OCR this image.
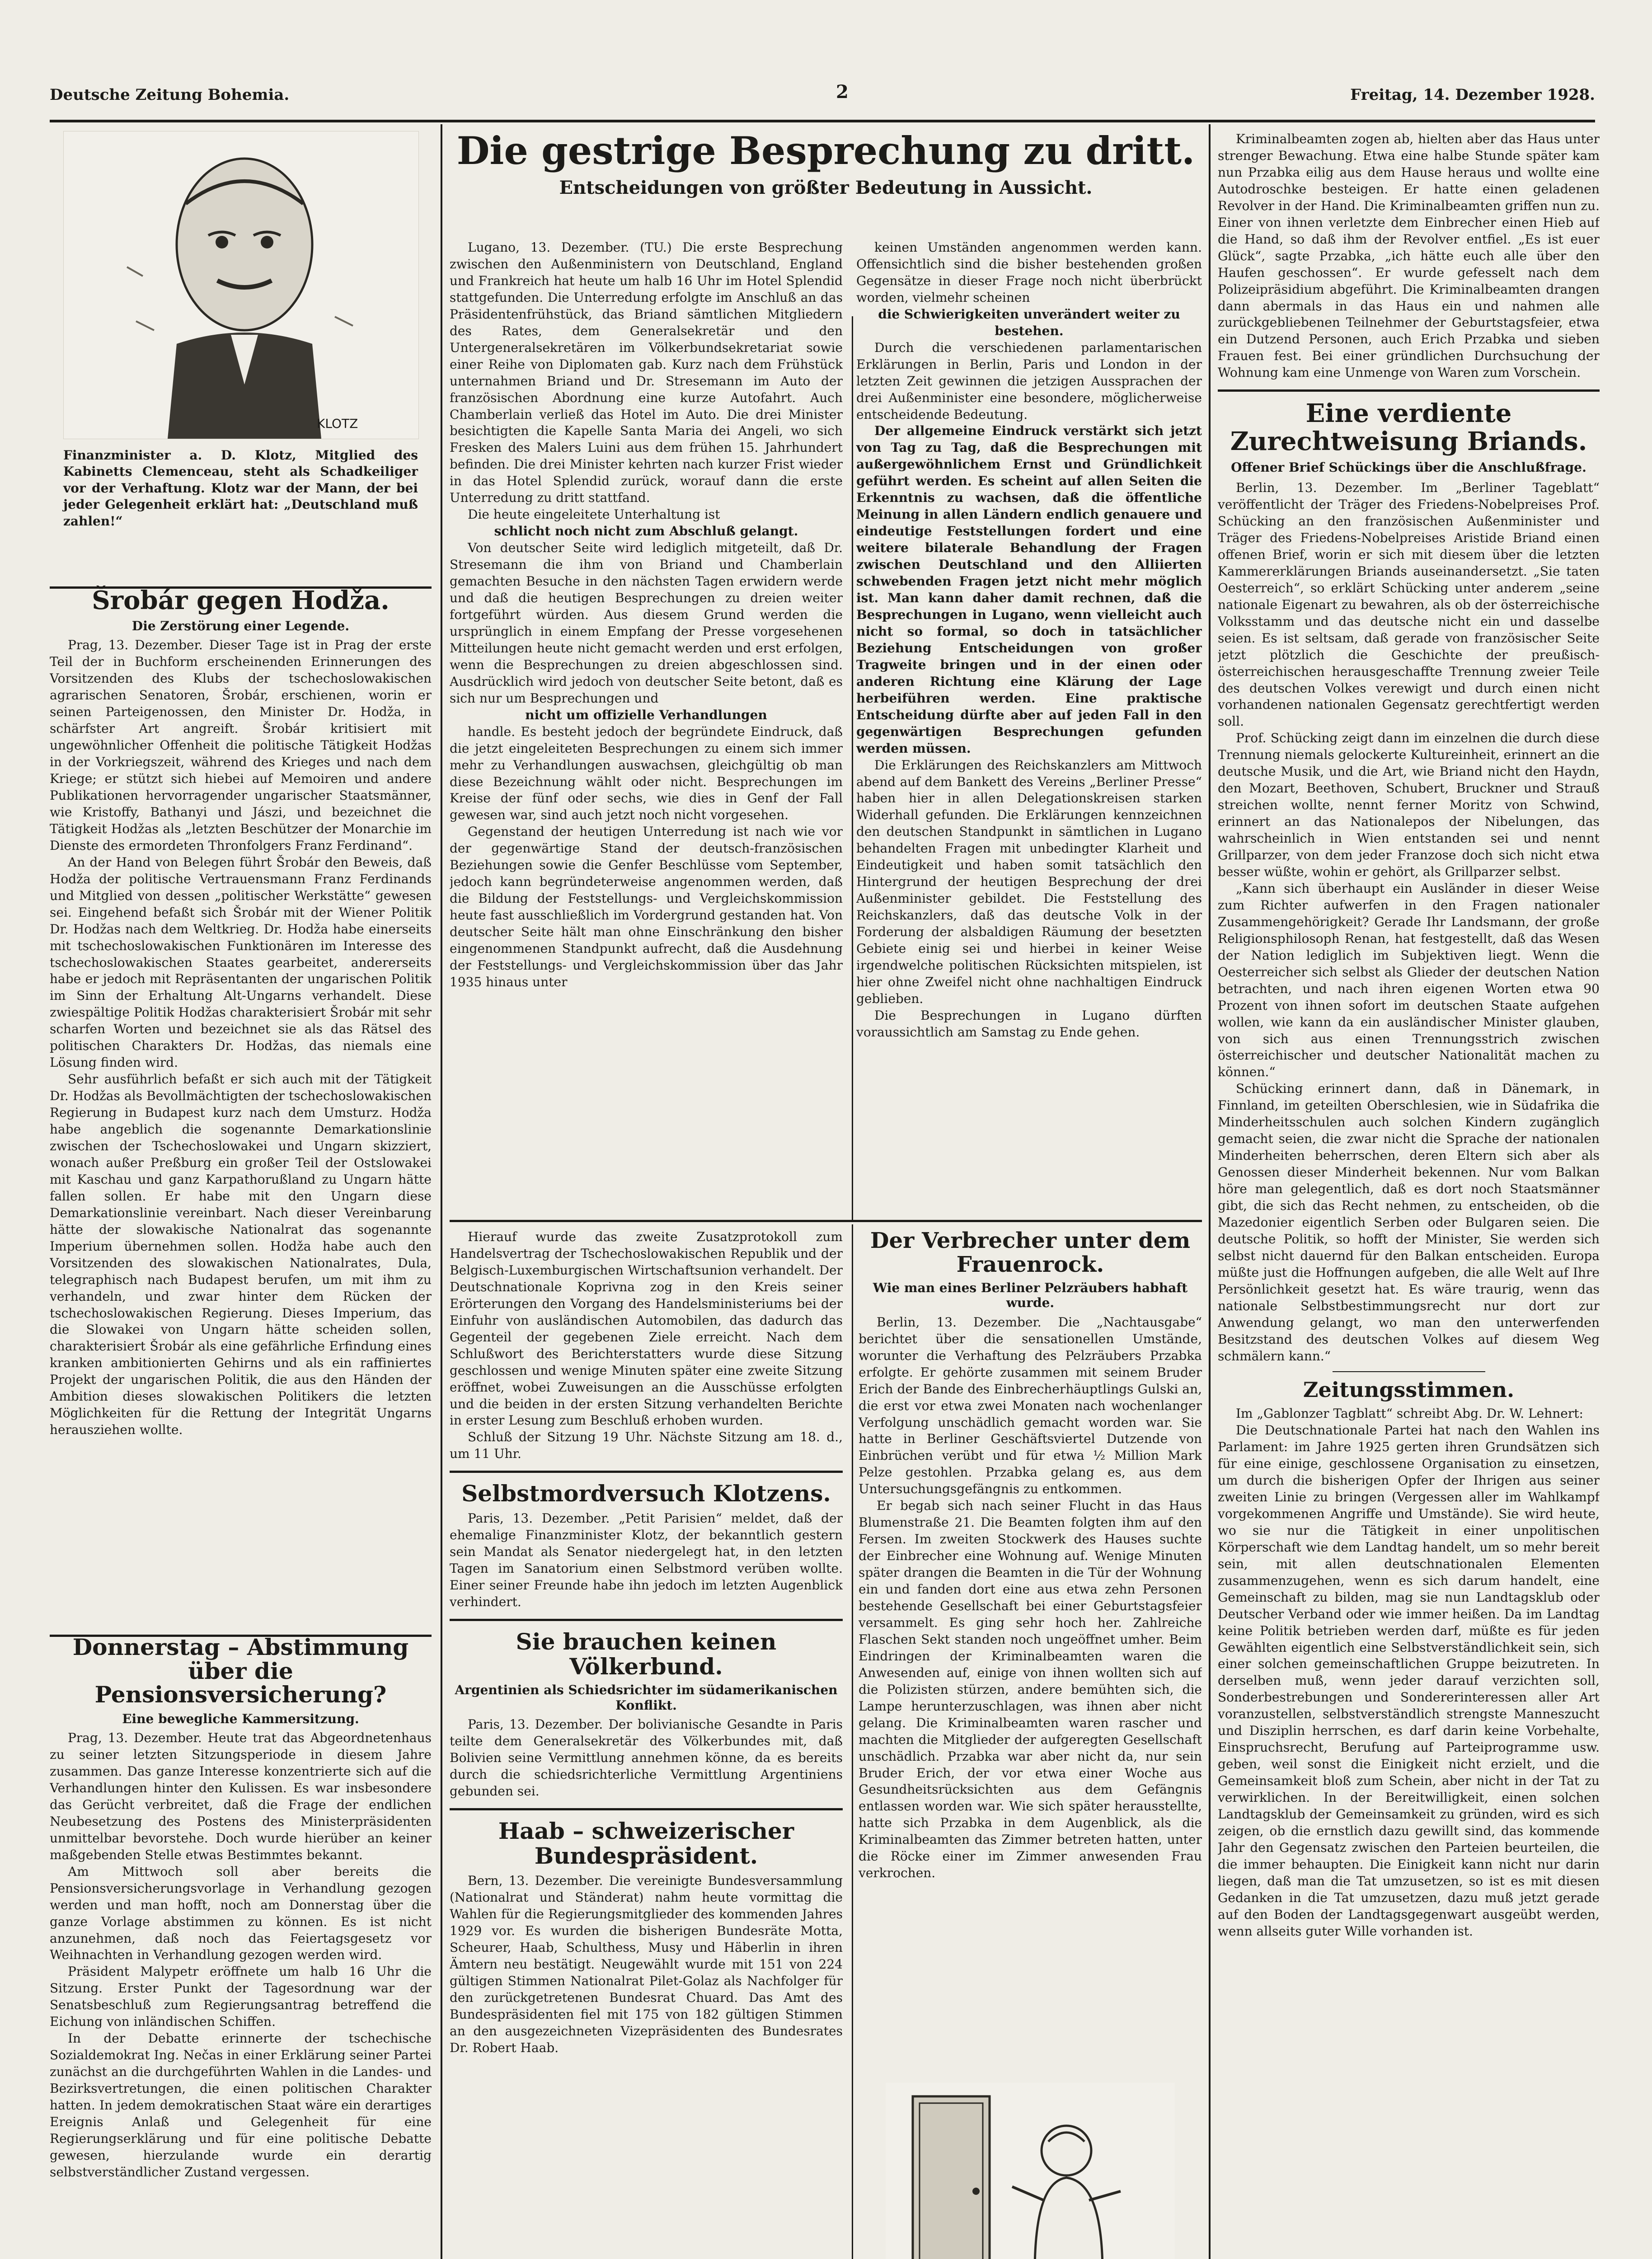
Deutsche Zeitung Bohemia.	2	Freitag, 14. Dezember 1928.
KLOTZ
Finanzminister a. D. Klotz, Mitglied des Kabinetts Clemenceau, steht als Schadkeiliger vor der Verhaftung. Klotz war der Mann, der bei jeder Gelegenheit erklärt hat: „Deutschland muß zahlen!“
Šrobár gegen Hodža.
Die Zerstörung einer Legende.

Prag, 13. Dezember. Dieser Tage ist in Prag der erste Teil der in Buchform erscheinenden Erinnerungen des Vorsitzenden des Klubs der tschechoslowakischen agrarischen Senatoren, Šrobár, erschienen, worin er seinen Parteigenossen, den Minister Dr. Hodža, in schärfster Art angreift. Šrobár kritisiert mit ungewöhnlicher Offenheit die politische Tätigkeit Hodžas in der Vorkriegszeit, während des Krieges und nach dem Kriege; er stützt sich hiebei auf Memoiren und andere Publikationen hervorragender ungarischer Staatsmänner, wie Kristoffy, Bathanyi und Jászi, und bezeichnet die Tätigkeit Hodžas als „letzten Beschützer der Monarchie im Dienste des ermordeten Thronfolgers Franz Ferdinand“.

An der Hand von Belegen führt Šrobár den Beweis, daß Hodža der politische Vertrauensmann Franz Ferdinands und Mitglied von dessen „politischer Werkstätte“ gewesen sei. Eingehend befaßt sich Šrobár mit der Wiener Politik Dr. Hodžas nach dem Weltkrieg. Dr. Hodža habe einerseits mit tschechoslowakischen Funktionären im Interesse des tschechoslowakischen Staates gearbeitet, andererseits habe er jedoch mit Repräsentanten der ungarischen Politik im Sinn der Erhaltung Alt-Ungarns verhandelt. Diese zwiespältige Politik Hodžas charakterisiert Šrobár mit sehr scharfen Worten und bezeichnet sie als das Rätsel des politischen Charakters Dr. Hodžas, das niemals eine Lösung finden wird.

Sehr ausführlich befaßt er sich auch mit der Tätigkeit Dr. Hodžas als Bevollmächtigten der tschechoslowakischen Regierung in Budapest kurz nach dem Umsturz. Hodža habe angeblich die sogenannte Demarkationslinie zwischen der Tschechoslowakei und Ungarn skizziert, wonach außer Preßburg ein großer Teil der Ostslowakei mit Kaschau und ganz Karpathorußland zu Ungarn hätte fallen sollen. Er habe mit den Ungarn diese Demarkationslinie vereinbart. Nach dieser Vereinbarung hätte der slowakische Nationalrat das sogenannte Imperium übernehmen sollen. Hodža habe auch den Vorsitzenden des slowakischen Nationalrates, Dula, telegraphisch nach Budapest berufen, um mit ihm zu verhandeln, und zwar hinter dem Rücken der tschechoslowakischen Regierung. Dieses Imperium, das die Slowakei von Ungarn hätte scheiden sollen, charakterisiert Šrobár als eine gefährliche Erfindung eines kranken ambitionierten Gehirns und als ein raffiniertes Projekt der ungarischen Politik, die aus den Händen der Ambition dieses slowakischen Politikers die letzten Möglichkeiten für die Rettung der Integrität Ungarns herausziehen wollte.

Donnerstag – Abstimmung über die Pensionsversicherung?
Eine bewegliche Kammersitzung.

Prag, 13. Dezember. Heute trat das Abgeordnetenhaus zu seiner letzten Sitzungsperiode in diesem Jahre zusammen. Das ganze Interesse konzentrierte sich auf die Verhandlungen hinter den Kulissen. Es war insbesondere das Gerücht verbreitet, daß die Frage der endlichen Neubesetzung des Postens des Ministerpräsidenten unmittelbar bevorstehe. Doch wurde hierüber an keiner maßgebenden Stelle etwas Bestimmtes bekannt.

Am Mittwoch soll aber bereits die Pensionsversicherungsvorlage in Verhandlung gezogen werden und man hofft, noch am Donnerstag über die ganze Vorlage abstimmen zu können. Es ist nicht anzunehmen, daß noch das Feiertagsgesetz vor Weihnachten in Verhandlung gezogen werden wird.

Präsident Malypetr eröffnete um halb 16 Uhr die Sitzung. Erster Punkt der Tagesordnung war der Senatsbeschluß zum Regierungsantrag betreffend die Eichung von inländischen Schiffen.

In der Debatte erinnerte der tschechische Sozialdemokrat Ing. Nečas in einer Erklärung seiner Partei zunächst an die durchgeführten Wahlen in die Landes- und Bezirksvertretungen, die einen politischen Charakter hatten. In jedem demokratischen Staat wäre ein derartiges Ereignis Anlaß und Gelegenheit für eine Regierungserklärung und für eine politische Debatte gewesen, hierzulande wurde ein derartig selbstverständlicher Zustand vergessen.

Die gestrige Besprechung zu dritt.
Entscheidungen von größter Bedeutung in Aussicht.

Lugano, 13. Dezember. (TU.) Die erste Besprechung zwischen den Außenministern von Deutschland, England und Frankreich hat heute um halb 16 Uhr im Hotel Splendid stattgefunden. Die Unterredung erfolgte im Anschluß an das Präsidentenfrühstück, das Briand sämtlichen Mitgliedern des Rates, dem Generalsekretär und den Untergeneralsekretären im Völkerbundsekretariat sowie einer Reihe von Diplomaten gab. Kurz nach dem Frühstück unternahmen Briand und Dr. Stresemann im Auto der französischen Abordnung eine kurze Autofahrt. Auch Chamberlain verließ das Hotel im Auto. Die drei Minister besichtigten die Kapelle Santa Maria dei Angeli, wo sich Fresken des Malers Luini aus dem frühen 15. Jahrhundert befinden. Die drei Minister kehrten nach kurzer Frist wieder in das Hotel Splendid zurück, worauf dann die erste Unterredung zu dritt stattfand.

Die heute eingeleitete Unterhaltung ist

schlicht noch nicht zum Abschluß gelangt.

Von deutscher Seite wird lediglich mitgeteilt, daß Dr. Stresemann die ihm von Briand und Chamberlain gemachten Besuche in den nächsten Tagen erwidern werde und daß die heutigen Besprechungen zu dreien weiter fortgeführt würden. Aus diesem Grund werden die ursprünglich in einem Empfang der Presse vorgesehenen Mitteilungen heute nicht gemacht werden und erst erfolgen, wenn die Besprechungen zu dreien abgeschlossen sind. Ausdrücklich wird jedoch von deutscher Seite betont, daß es sich nur um Besprechungen und

nicht um offizielle Verhandlungen

handle. Es besteht jedoch der begründete Eindruck, daß die jetzt eingeleiteten Besprechungen zu einem sich immer mehr zu Verhandlungen auswachsen, gleichgültig ob man diese Bezeichnung wählt oder nicht. Besprechungen im Kreise der fünf oder sechs, wie dies in Genf der Fall gewesen war, sind auch jetzt noch nicht vorgesehen.

Gegenstand der heutigen Unterredung ist nach wie vor der gegenwärtige Stand der deutsch-französischen Beziehungen sowie die Genfer Beschlüsse vom September, jedoch kann begründeterweise angenommen werden, daß die Bildung der Feststellungs- und Vergleichskommission heute fast ausschließlich im Vordergrund gestanden hat. Von deutscher Seite hält man ohne Einschränkung den bisher eingenommenen Standpunkt aufrecht, daß die Ausdehnung der Feststellungs- und Vergleichskommission über das Jahr 1935 hinaus unter

keinen Umständen angenommen werden kann. Offensichtlich sind die bisher bestehenden großen Gegensätze in dieser Frage noch nicht überbrückt worden, vielmehr scheinen

die Schwierigkeiten unverändert weiter zu bestehen.

Durch die verschiedenen parlamentarischen Erklärungen in Berlin, Paris und London in der letzten Zeit gewinnen die jetzigen Aussprachen der drei Außenminister eine besondere, möglicherweise entscheidende Bedeutung.

Der allgemeine Eindruck verstärkt sich jetzt von Tag zu Tag, daß die Besprechungen mit außergewöhnlichem Ernst und Gründlichkeit geführt werden. Es scheint auf allen Seiten die Erkenntnis zu wachsen, daß die öffentliche Meinung in allen Ländern endlich genauere und eindeutige Feststellungen fordert und eine weitere bilaterale Behandlung der Fragen zwischen Deutschland und den Alliierten schwebenden Fragen jetzt nicht mehr möglich ist. Man kann daher damit rechnen, daß die Besprechungen in Lugano, wenn vielleicht auch nicht so formal, so doch in tatsächlicher Beziehung Entscheidungen von großer Tragweite bringen und in der einen oder anderen Richtung eine Klärung der Lage herbeiführen werden. Eine praktische Entscheidung dürfte aber auf jeden Fall in den gegenwärtigen Besprechungen gefunden werden müssen.

Die Erklärungen des Reichskanzlers am Mittwoch abend auf dem Bankett des Vereins „Berliner Presse“ haben hier in allen Delegationskreisen starken Widerhall gefunden. Die Erklärungen kennzeichnen den deutschen Standpunkt in sämtlichen in Lugano behandelten Fragen mit unbedingter Klarheit und Eindeutigkeit und haben somit tatsächlich den Hintergrund der heutigen Besprechung der drei Außenminister gebildet. Die Feststellung des Reichskanzlers, daß das deutsche Volk in der Forderung der alsbaldigen Räumung der besetzten Gebiete einig sei und hierbei in keiner Weise irgendwelche politischen Rücksichten mitspielen, ist hier ohne Zweifel nicht ohne nachhaltigen Eindruck geblieben.

Die Besprechungen in Lugano dürften voraussichtlich am Samstag zu Ende gehen.

Hierauf wurde das zweite Zusatzprotokoll zum Handelsvertrag der Tschechoslowakischen Republik und der Belgisch-Luxemburgischen Wirtschaftsunion verhandelt. Der Deutschnationale Koprivna zog in den Kreis seiner Erörterungen den Vorgang des Handelsministeriums bei der Einfuhr von ausländischen Automobilen, das dadurch das Gegenteil der gegebenen Ziele erreicht. Nach dem Schlußwort des Berichterstatters wurde diese Sitzung geschlossen und wenige Minuten später eine zweite Sitzung eröffnet, wobei Zuweisungen an die Ausschüsse erfolgten und die beiden in der ersten Sitzung verhandelten Berichte in erster Lesung zum Beschluß erhoben wurden.

Schluß der Sitzung 19 Uhr. Nächste Sitzung am 18. d., um 11 Uhr.

Selbstmordversuch Klotzens.

Paris, 13. Dezember. „Petit Parisien“ meldet, daß der ehemalige Finanzminister Klotz, der bekanntlich gestern sein Mandat als Senator niedergelegt hat, in den letzten Tagen im Sanatorium einen Selbstmord verüben wollte. Einer seiner Freunde habe ihn jedoch im letzten Augenblick verhindert.

Sie brauchen keinen Völkerbund.
Argentinien als Schiedsrichter im südamerikanischen Konflikt.

Paris, 13. Dezember. Der bolivianische Gesandte in Paris teilte dem Generalsekretär des Völkerbundes mit, daß Bolivien seine Vermittlung annehmen könne, da es bereits durch die schiedsrichterliche Vermittlung Argentiniens gebunden sei.

Haab – schweizerischer Bundespräsident.

Bern, 13. Dezember. Die vereinigte Bundesversammlung (Nationalrat und Ständerat) nahm heute vormittag die Wahlen für die Regierungsmitglieder des kommenden Jahres 1929 vor. Es wurden die bisherigen Bundesräte Motta, Scheurer, Haab, Schulthess, Musy und Häberlin in ihren Ämtern neu bestätigt. Neugewählt wurde mit 151 von 224 gültigen Stimmen Nationalrat Pilet-Golaz als Nachfolger für den zurückgetretenen Bundesrat Chuard. Das Amt des Bundespräsidenten fiel mit 175 von 182 gültigen Stimmen an den ausgezeichneten Vizepräsidenten des Bundesrates Dr. Robert Haab.

Der Verbrecher unter dem Frauenrock.
Wie man eines Berliner Pelzräubers habhaft wurde.

Berlin, 13. Dezember. Die „Nachtausgabe“ berichtet über die sensationellen Umstände, worunter die Verhaftung des Pelzräubers Przabka erfolgte. Er gehörte zusammen mit seinem Bruder Erich der Bande des Einbrecherhäuptlings Gulski an, die erst vor etwa zwei Monaten nach wochenlanger Verfolgung unschädlich gemacht worden war. Sie hatte in Berliner Geschäftsviertel Dutzende von Einbrüchen verübt und für etwa ½ Million Mark Pelze gestohlen. Przabka gelang es, aus dem Untersuchungsgefängnis zu entkommen.

Er begab sich nach seiner Flucht in das Haus Blumenstraße 21. Die Beamten folgten ihm auf den Fersen. Im zweiten Stockwerk des Hauses suchte der Einbrecher eine Wohnung auf. Wenige Minuten später drangen die Beamten in die Tür der Wohnung ein und fanden dort eine aus etwa zehn Personen bestehende Gesellschaft bei einer Geburtstagsfeier versammelt. Es ging sehr hoch her. Zahlreiche Flaschen Sekt standen noch ungeöffnet umher. Beim Eindringen der Kriminalbeamten waren die Anwesenden auf, einige von ihnen wollten sich auf die Polizisten stürzen, andere bemühten sich, die Lampe herunterzuschlagen, was ihnen aber nicht gelang. Die Kriminalbeamten waren rascher und machten die Mitglieder der aufgeregten Gesellschaft unschädlich. Przabka war aber nicht da, nur sein Bruder Erich, der vor etwa einer Woche aus Gesundheitsrücksichten aus dem Gefängnis entlassen worden war. Wie sich später herausstellte, hatte sich Przabka in dem Augenblick, als die Kriminalbeamten das Zimmer betreten hatten, unter die Röcke einer im Zimmer anwesenden Frau verkrochen.

Kriminalbeamten zogen ab, hielten aber das Haus unter strenger Bewachung. Etwa eine halbe Stunde später kam nun Przabka eilig aus dem Hause heraus und wollte eine Autodroschke besteigen. Er hatte einen geladenen Revolver in der Hand. Die Kriminalbeamten griffen nun zu. Einer von ihnen verletzte dem Einbrecher einen Hieb auf die Hand, so daß ihm der Revolver entfiel. „Es ist euer Glück“, sagte Przabka, „ich hätte euch alle über den Haufen geschossen“. Er wurde gefesselt nach dem Polizeipräsidium abgeführt. Die Kriminalbeamten drangen dann abermals in das Haus ein und nahmen alle zurückgebliebenen Teilnehmer der Geburtstagsfeier, etwa ein Dutzend Personen, auch Erich Przabka und sieben Frauen fest. Bei einer gründlichen Durchsuchung der Wohnung kam eine Unmenge von Waren zum Vorschein.

Eine verdiente Zurechtweisung Briands.
Offener Brief Schückings über die Anschlußfrage.

Berlin, 13. Dezember. Im „Berliner Tageblatt“ veröffentlicht der Träger des Friedens-Nobelpreises Prof. Schücking an den französischen Außenminister und Träger des Friedens-Nobelpreises Aristide Briand einen offenen Brief, worin er sich mit diesem über die letzten Kammererklärungen Briands auseinandersetzt. „Sie taten Oesterreich“, so erklärt Schücking unter anderem „seine nationale Eigenart zu bewahren, als ob der österreichische Volksstamm und das deutsche nicht ein und dasselbe seien. Es ist seltsam, daß gerade von französischer Seite jetzt plötzlich die Geschichte der preußisch-österreichischen herausgeschaffte Trennung zweier Teile des deutschen Volkes verewigt und durch einen nicht vorhandenen nationalen Gegensatz gerechtfertigt werden soll.

Prof. Schücking zeigt dann im einzelnen die durch diese Trennung niemals gelockerte Kultureinheit, erinnert an die deutsche Musik, und die Art, wie Briand nicht den Haydn, den Mozart, Beethoven, Schubert, Bruckner und Strauß streichen wollte, nennt ferner Moritz von Schwind, erinnert an das Nationalepos der Nibelungen, das wahrscheinlich in Wien entstanden sei und nennt Grillparzer, von dem jeder Franzose doch sich nicht etwa besser wüßte, wohin er gehört, als Grillparzer selbst.

„Kann sich überhaupt ein Ausländer in dieser Weise zum Richter aufwerfen in den Fragen nationaler Zusammengehörigkeit? Gerade Ihr Landsmann, der große Religionsphilosoph Renan, hat festgestellt, daß das Wesen der Nation lediglich im Subjektiven liegt. Wenn die Oesterreicher sich selbst als Glieder der deutschen Nation betrachten, und nach ihren eigenen Worten etwa 90 Prozent von ihnen sofort im deutschen Staate aufgehen wollen, wie kann da ein ausländischer Minister glauben, von sich aus einen Trennungsstrich zwischen österreichischer und deutscher Nationalität machen zu können.“

Schücking erinnert dann, daß in Dänemark, in Finnland, im geteilten Oberschlesien, wie in Südafrika die Minderheitsschulen auch solchen Kindern zugänglich gemacht seien, die zwar nicht die Sprache der nationalen Minderheiten beherrschen, deren Eltern sich aber als Genossen dieser Minderheit bekennen. Nur vom Balkan höre man gelegentlich, daß es dort noch Staatsmänner gibt, die sich das Recht nehmen, zu entscheiden, ob die Mazedonier eigentlich Serben oder Bulgaren seien. Die deutsche Politik, so hofft der Minister, Sie werden sich selbst nicht dauernd für den Balkan entscheiden. Europa müßte just die Hoffnungen aufgeben, die alle Welt auf Ihre Persönlichkeit gesetzt hat. Es wäre traurig, wenn das nationale Selbstbestimmungsrecht nur dort zur Anwendung gelangt, wo man den unterwerfenden Besitzstand des deutschen Volkes auf diesem Weg schmälern kann.“

Zeitungsstimmen.

Im „Gablonzer Tagblatt“ schreibt Abg. Dr. W. Lehnert:

Die Deutschnationale Partei hat nach den Wahlen ins Parlament: im Jahre 1925 gerten ihren Grundsätzen sich für eine einige, geschlossene Organisation zu einsetzen, um durch die bisherigen Opfer der Ihrigen aus seiner zweiten Linie zu bringen (Vergessen aller im Wahlkampf vorgekommenen Angriffe und Umstände). Sie wird heute, wo sie nur die Tätigkeit in einer unpolitischen Körperschaft wie dem Landtag handelt, um so mehr bereit sein, mit allen deutschnationalen Elementen zusammenzugehen, wenn es sich darum handelt, eine Gemeinschaft zu bilden, mag sie nun Landtagsklub oder Deutscher Verband oder wie immer heißen. Da im Landtag keine Politik betrieben werden darf, müßte es für jeden Gewählten eigentlich eine Selbstverständlichkeit sein, sich einer solchen gemeinschaftlichen Gruppe beizutreten. In derselben muß, wenn jeder darauf verzichten soll, Sonderbestrebungen und Sondererinteressen aller Art voranzustellen, selbstverständlich strengste Manneszucht und Disziplin herrschen, es darf darin keine Vorbehalte, Einspruchsrecht, Berufung auf Parteiprogramme usw. geben, weil sonst die Einigkeit nicht erzielt, und die Gemeinsamkeit bloß zum Schein, aber nicht in der Tat zu verwirklichen. In der Bereitwilligkeit, einen solchen Landtagsklub der Gemeinsamkeit zu gründen, wird es sich zeigen, ob die ernstlich dazu gewillt sind, das kommende Jahr den Gegensatz zwischen den Parteien beurteilen, die die immer behaupten. Die Einigkeit kann nicht nur darin liegen, daß man die Tat umzusetzen, so ist es mit diesen Gedanken in die Tat umzusetzen, dazu muß jetzt gerade auf den Boden der Landtagsgegenwart ausgeübt werden, wenn allseits guter Wille vorhanden ist.
